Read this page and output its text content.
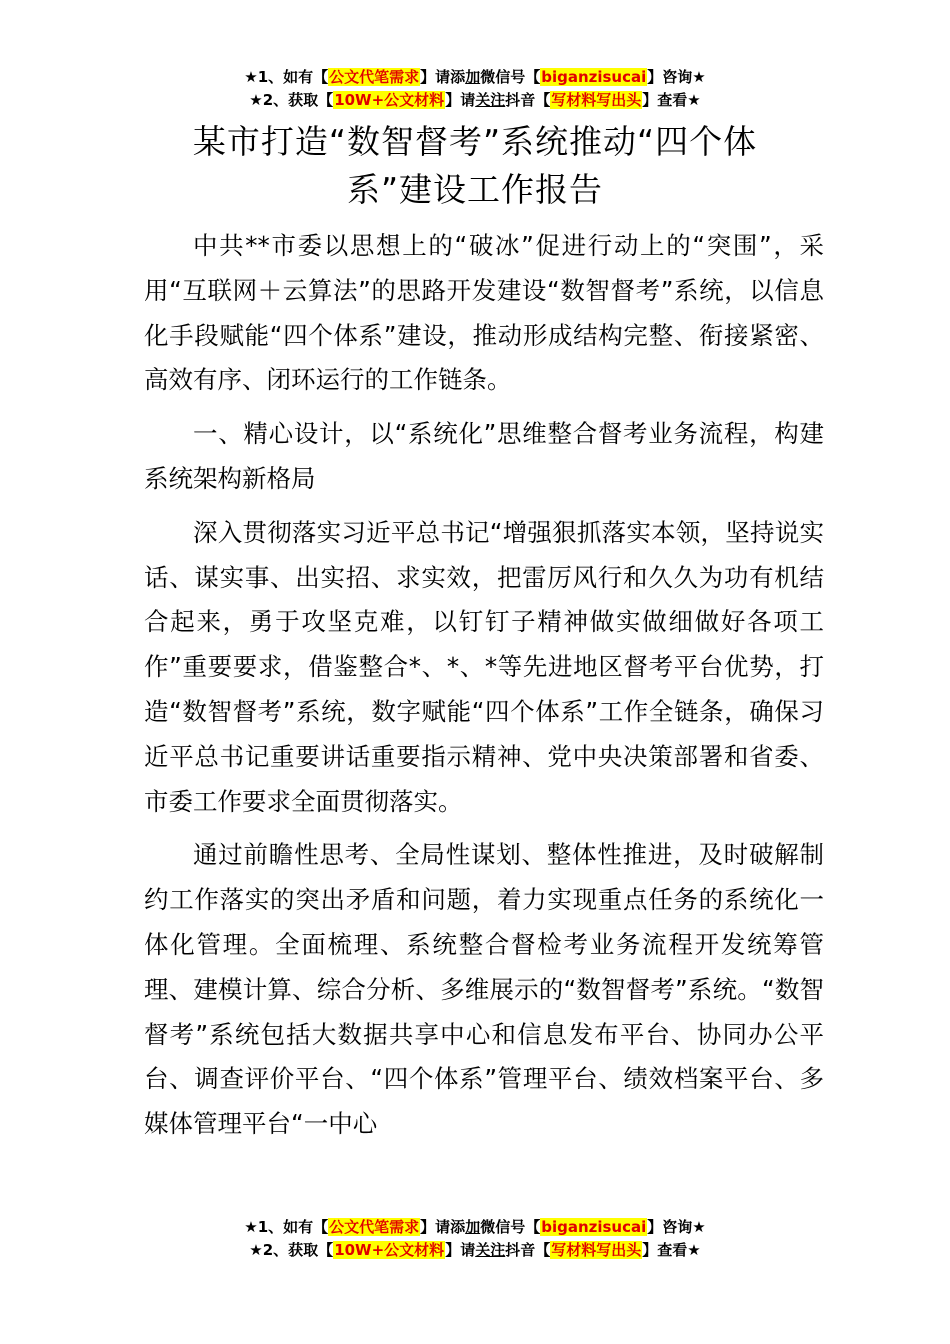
★1、如有【公文代笔需求】请添加微信号【biganzisucai】咨询★
★2、获取【10W+公文材料】请关注抖音【写材料写出头】查看★
某市打造“数智督考”系统推动“四个体
系”建设工作报告

中共**市委以思想上的“破冰”促进行动上的“突围”，采用“互联网＋云算法”的思路开发建设“数智督考”系统，以信息化手段赋能“四个体系”建设，推动形成结构完整、衔接紧密、高效有序、闭环运行的工作链条。

一、精心设计，以“系统化”思维整合督考业务流程，构建系统架构新格局

深入贯彻落实习近平总书记“增强狠抓落实本领，坚持说实话、谋实事、出实招、求实效，把雷厉风行和久久为功有机结合起来，勇于攻坚克难，以钉钉子精神做实做细做好各项工作”重要要求，借鉴整合*、*、*等先进地区督考平台优势，打造“数智督考”系统，数字赋能“四个体系”工作全链条，确保习近平总书记重要讲话重要指示精神、党中央决策部署和省委、市委工作要求全面贯彻落实。

通过前瞻性思考、全局性谋划、整体性推进，及时破解制约工作落实的突出矛盾和问题，着力实现重点任务的系统化一体化管理。全面梳理、系统整合督检考业务流程开发统筹管理、建模计算、综合分析、多维展示的“数智督考”系统。“数智督考”系统包括大数据共享中心和信息发布平台、协同办公平台、调查评价平台、“四个体系”管理平台、绩效档案平台、多媒体管理平台“一中心

★1、如有【公文代笔需求】请添加微信号【biganzisucai】咨询★
★2、获取【10W+公文材料】请关注抖音【写材料写出头】查看★
